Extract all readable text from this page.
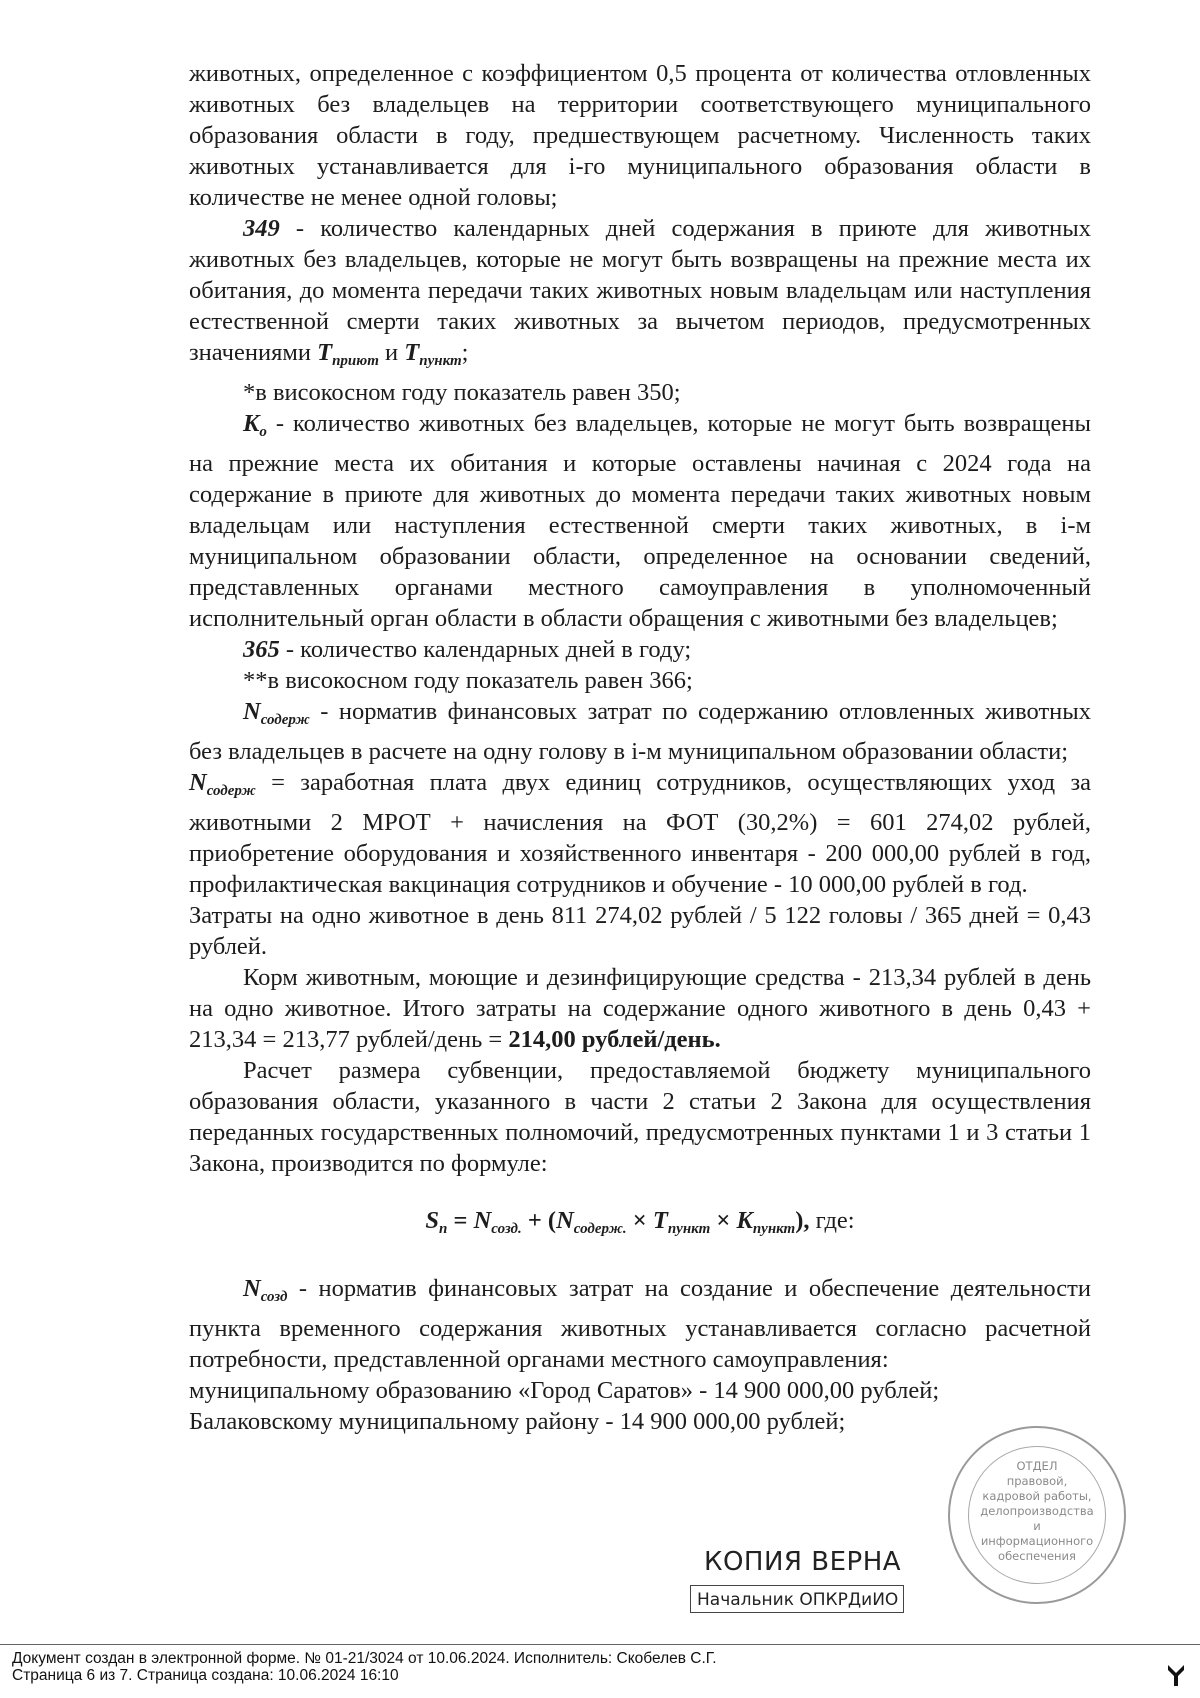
животных, определенное с коэффициентом 0,5 процента от количества отловленных животных без владельцев на территории соответствующего муниципального образования области в году, предшествующем расчетному. Численность таких животных устанавливается для i-го муниципального образования области в количестве не менее одной головы;

349 - количество календарных дней содержания в приюте для животных животных без владельцев, которые не могут быть возвращены на прежние места их обитания, до момента передачи таких животных новым владельцам или наступления естественной смерти таких животных за вычетом периодов, предусмотренных значениями $T_{приют}$ и $T_{пункт}$;

*в високосном году показатель равен 350;

$K_o$ - количество животных без владельцев, которые не могут быть возвращены на прежние места их обитания и которые оставлены начиная с 2024 года на содержание в приюте для животных до момента передачи таких животных новым владельцам или наступления естественной смерти таких животных, в i-м муниципальном образовании области, определенное на основании сведений, представленных органами местного самоуправления в уполномоченный исполнительный орган области в области обращения с животными без владельцев;

365 - количество календарных дней в году;

**в високосном году показатель равен 366;

$N_{содерж}$ - норматив финансовых затрат по содержанию отловленных животных без владельцев в расчете на одну голову в i-м муниципальном образовании области;

$N_{содерж}$ = заработная плата двух единиц сотрудников, осуществляющих уход за животными 2 МРОТ + начисления на ФОТ (30,2%) = 601 274,02 рублей, приобретение оборудования и хозяйственного инвентаря - 200 000,00 рублей в год, профилактическая вакцинация сотрудников и обучение - 10 000,00 рублей в год.

Затраты на одно животное в день 811 274,02 рублей / 5 122 головы / 365 дней = 0,43 рублей.

Корм животным, моющие и дезинфицирующие средства - 213,34 рублей в день на одно животное. Итого затраты на содержание одного животного в день 0,43 + 213,34 = 213,77 рублей/день = 214,00 рублей/день.

Расчет размера субвенции, предоставляемой бюджету муниципального образования области, указанного в части 2 статьи 2 Закона для осуществления переданных государственных полномочий, предусмотренных пунктами 1 и 3 статьи 1 Закона, производится по формуле:

$S_n = N_{созд.} + (N_{содерж.} \times T_{пункт} \times K_{пункт})$, где:

$N_{созд}$ - норматив финансовых затрат на создание и обеспечение деятельности пункта временного содержания животных устанавливается согласно расчетной потребности, представленной органами местного самоуправления:

муниципальному образованию «Город Саратов» - 14 900 000,00 рублей;

Балаковскому муниципальному району - 14 900 000,00 рублей;

ОТДЕЛ
правовой,
кадровой работы,
делопроизводства
и
информационного
обеспечения
КОПИЯ ВЕРНА
Начальник ОПКРДиИО
Документ создан в электронной форме. № 01-21/3024 от 10.06.2024. Исполнитель: Скобелев С.Г.
Страница 6 из 7. Страница создана: 10.06.2024 16:10
